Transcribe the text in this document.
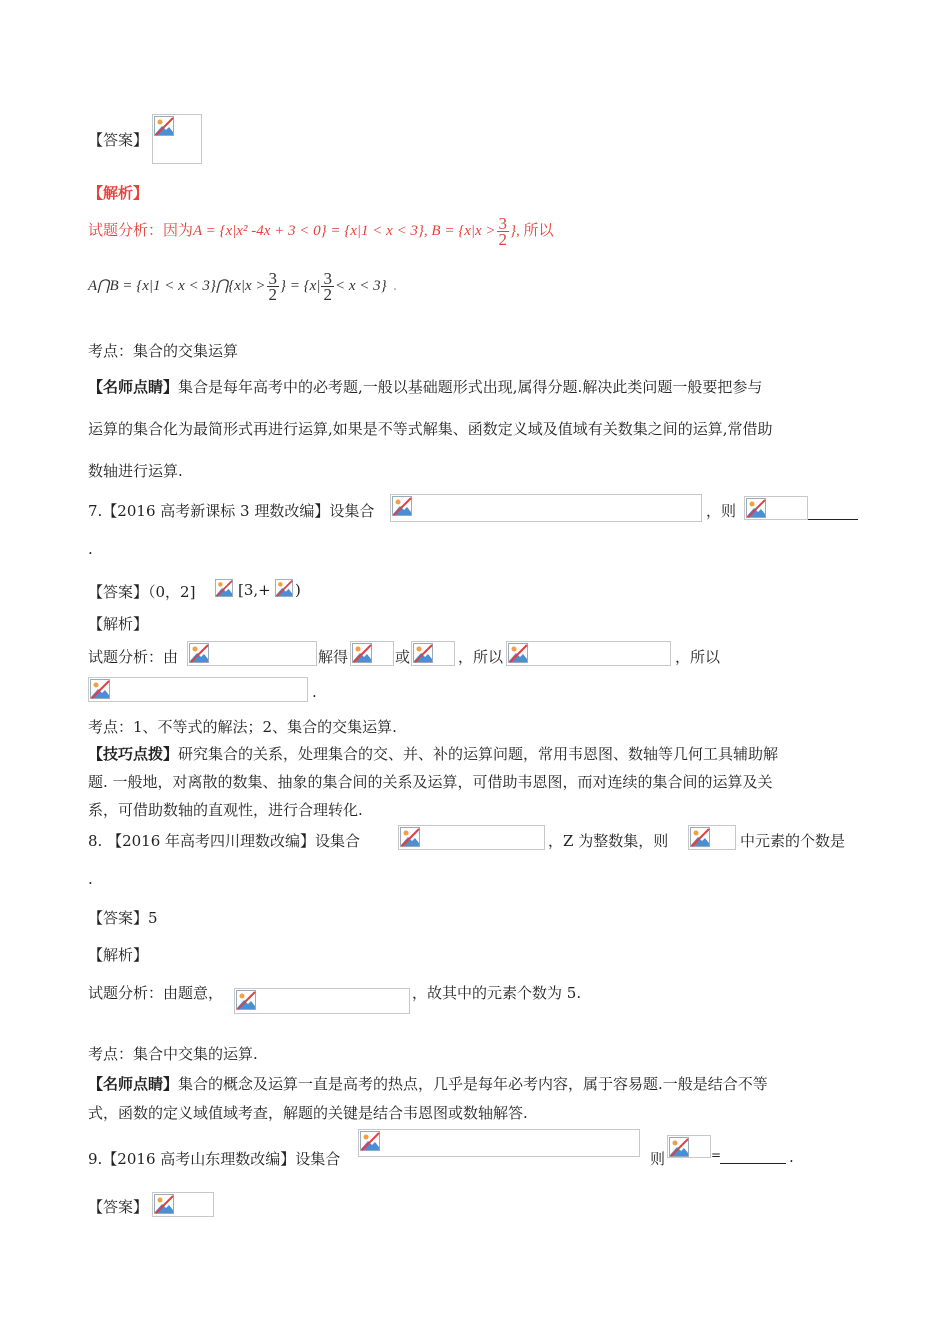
【答案】
【解析】
试题分析：因为A = {x|x² -4x + 3 < 0} = {x|1 < x < 3}, $B = \{x|x > \frac{3}{2}$ }, 所以
A⋂B = {x|1 < x < 3}⋂{x|x > $\frac{3}{2}$ } = $\{x| \frac{3}{2} < x < 3\}$ .
考点：集合的交集运算
【名师点睛】集合是每年高考中的必考题,一般以基础题形式出现,属得分题.解决此类问题一般要把参与
运算的集合化为最简形式再进行运算,如果是不等式解集、函数定义域及值域有关数集之间的运算,常借助
数轴进行运算.
7.【2016 高考新课标 3 理数改编】设集合	，则
.
【答案】（0，2]	[3,+ )
【解析】
试题分析：由	解得	或	，所以	，所以
.
考点：1、不等式的解法；2、集合的交集运算.
【技巧点拨】研究集合的关系，处理集合的交、并、补的运算问题，常用韦恩图、数轴等几何工具辅助解
题. 一般地，对离散的数集、抽象的集合间的关系及运算，可借助韦恩图，而对连续的集合间的运算及关
系，可借助数轴的直观性，进行合理转化.
8. 【2016 年高考四川理数改编】设集合	，Z 为整数集，则	中元素的个数是
.
【答案】5
【解析】
试题分析：由题意，	，故其中的元素个数为 5.
考点：集合中交集的运算.
【名师点睛】集合的概念及运算一直是高考的热点，几乎是每年必考内容，属于容易题.一般是结合不等
式，函数的定义域值域考查，解题的关键是结合韦恩图或数轴解答.
9.【2016 高考山东理数改编】设集合	则	=	.
【答案】
